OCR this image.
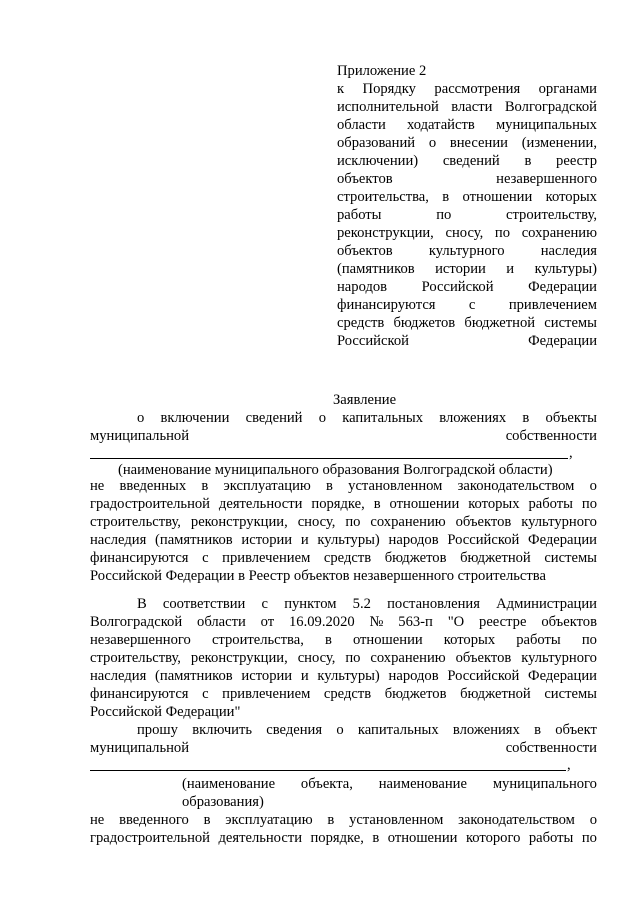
Приложение 2
к Порядку рассмотрения органами
исполнительной власти Волгоградской
области ходатайств муниципальных
образований о внесении (изменении,
исключении) сведений в реестр
объектов	незавершенного
строительства, в отношении которых
работы	по	строительству,
реконструкции, сносу, по сохранению
объектов культурного наследия
(памятников истории и культуры)
народов Российской Федерации
финансируются с привлечением
средств бюджетов бюджетной системы
Российской	Федерации
Заявление
о включении сведений о капитальных вложениях в объекты
муниципальной	собственности
,
(наименование муниципального образования Волгоградской области)
не введенных в эксплуатацию в установленном законодательством о
градостроительной деятельности порядке, в отношении которых работы по
строительству, реконструкции, сносу, по сохранению объектов культурного
наследия (памятников истории и культуры) народов Российской Федерации
финансируются с привлечением средств бюджетов бюджетной системы
Российской Федерации в Реестр объектов незавершенного строительства
В соответствии с пунктом 5.2 постановления Администрации
Волгоградской области от 16.09.2020 № 563-п "О реестре объектов
незавершенного строительства, в отношении которых работы по
строительству, реконструкции, сносу, по сохранению объектов культурного
наследия (памятников истории и культуры) народов Российской Федерации
финансируются с привлечением средств бюджетов бюджетной системы
Российской Федерации"
прошу включить сведения о капитальных вложениях в объект
муниципальной	собственности
,
(наименование объекта, наименование муниципального
образования)
не введенного в эксплуатацию в установленном законодательством о
градостроительной деятельности порядке, в отношении которого работы по
